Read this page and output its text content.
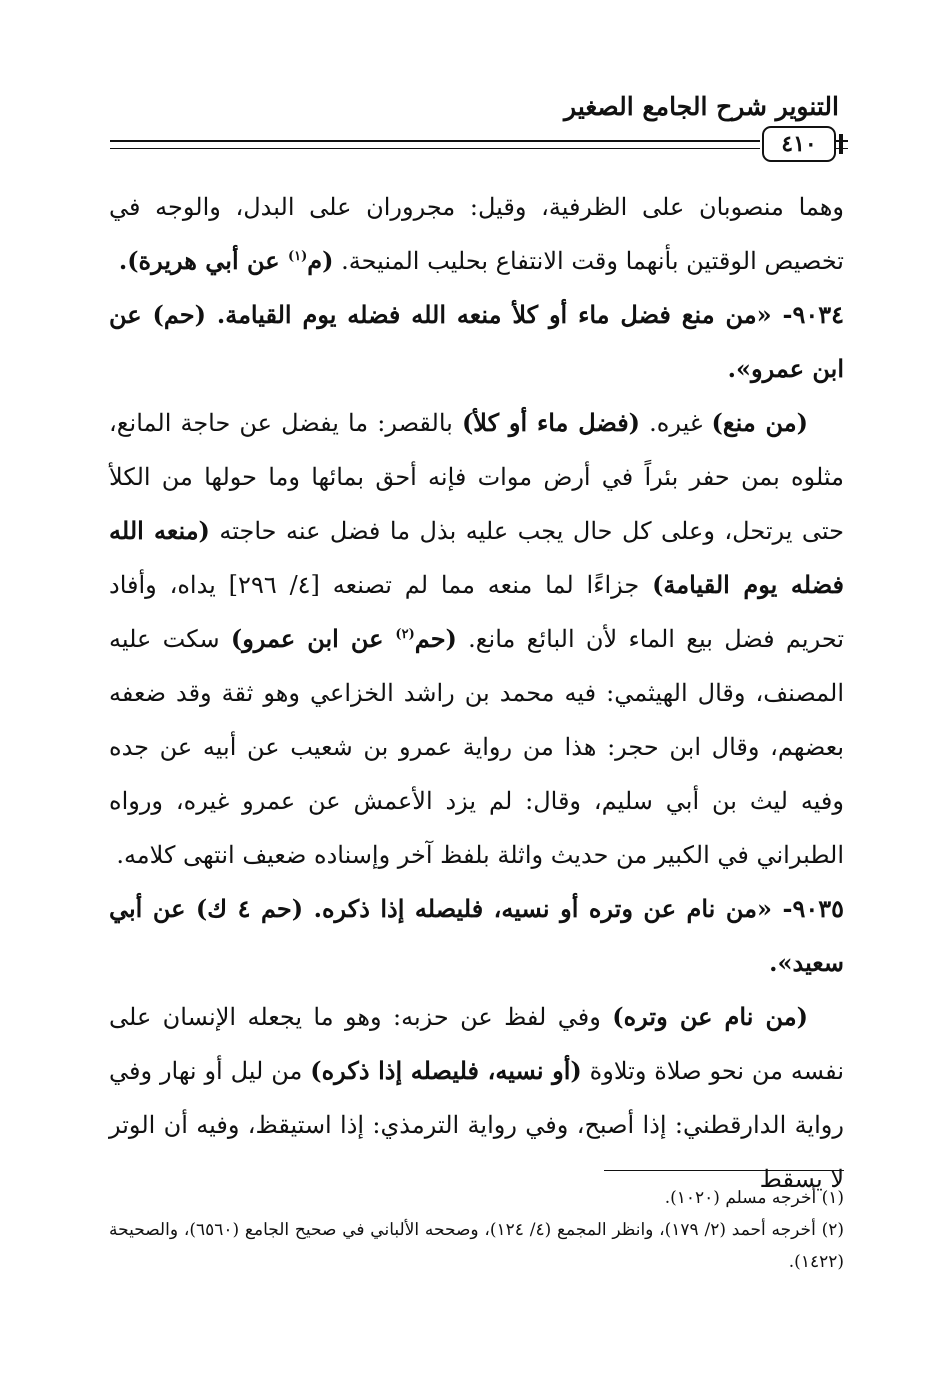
التنوير شرح الجامع الصغير
٤١٠

وهما منصوبان على الظرفية، وقيل: مجروران على البدل، والوجه في تخصيص الوقتين بأنهما وقت الانتفاع بحليب المنيحة. (م$^{(١)}$ عن أبي هريرة).

٩٠٣٤- «من منع فضل ماء أو كلأ منعه الله فضله يوم القيامة. (حم) عن ابن عمرو».

(من منع) غيره. (فضل ماء أو كلأ) بالقصر: ما يفضل عن حاجة المانع، مثلوه بمن حفر بئراً في أرض موات فإنه أحق بمائها وما حولها من الكلأ حتى يرتحل، وعلى كل حال يجب عليه بذل ما فضل عنه حاجته (منعه الله فضله يوم القيامة) جزاءًا لما منعه مما لم تصنعه [٤/ ٢٩٦] يداه، وأفاد تحريم فضل بيع الماء لأن البائع مانع. (حم$^{(٢)}$ عن ابن عمرو) سكت عليه المصنف، وقال الهيثمي: فيه محمد بن راشد الخزاعي وهو ثقة وقد ضعفه بعضهم، وقال ابن حجر: هذا من رواية عمرو بن شعيب عن أبيه عن جده وفيه ليث بن أبي سليم، وقال: لم يزد الأعمش عن عمرو غيره، ورواه الطبراني في الكبير من حديث واثلة بلفظ آخر وإسناده ضعيف انتهى كلامه.

٩٠٣٥- «من نام عن وتره أو نسيه، فليصله إذا ذكره. (حم ٤ ك) عن أبي سعيد».

(من نام عن وتره) وفي لفظ عن حزبه: وهو ما يجعله الإنسان على نفسه من نحو صلاة وتلاوة (أو نسيه، فليصله إذا ذكره) من ليل أو نهار وفي رواية الدارقطني: إذا أصبح، وفي رواية الترمذي: إذا استيقظ، وفيه أن الوتر لا يسقط

(١) أخرجه مسلم (١٠٢٠).

(٢) أخرجه أحمد (٢/ ١٧٩)، وانظر المجمع (٤/ ١٢٤)، وصححه الألباني في صحيح الجامع (٦٥٦٠)، والصحيحة (١٤٢٢).
